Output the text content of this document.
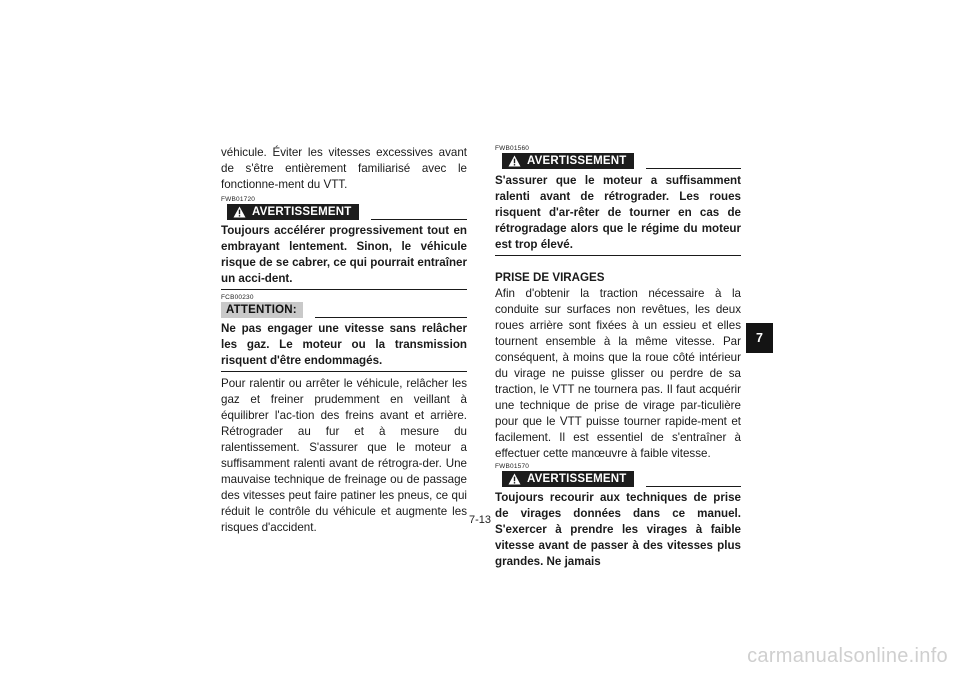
véhicule. Éviter les vitesses excessives avant de s'être entièrement familiarisé avec le fonctionne-ment du VTT.

FWB01720
AVERTISSEMENT

Toujours accélérer progressivement tout en embrayant lentement. Sinon, le véhicule risque de se cabrer, ce qui pourrait entraîner un acci-dent.

FCB00230
ATTENTION:

Ne pas engager une vitesse sans relâcher les gaz. Le moteur ou la transmission risquent d'être endommagés.

Pour ralentir ou arrêter le véhicule, relâcher les gaz et freiner prudemment en veillant à équilibrer l'ac-tion des freins avant et arrière. Rétrograder au fur et à mesure du ralentissement. S'assurer que le moteur a suffisamment ralenti avant de rétrogra-der. Une mauvaise technique de freinage ou de passage des vitesses peut faire patiner les pneus, ce qui réduit le contrôle du véhicule et augmente les risques d'accident.

FWB01560
AVERTISSEMENT

S'assurer que le moteur a suffisamment ralenti avant de rétrograder. Les roues risquent d'ar-rêter de tourner en cas de rétrogradage alors que le régime du moteur est trop élevé.

PRISE DE VIRAGES

Afin d'obtenir la traction nécessaire à la conduite sur surfaces non revêtues, les deux roues arrière sont fixées à un essieu et elles tournent ensemble à la même vitesse. Par conséquent, à moins que la roue côté intérieur du virage ne puisse glisser ou perdre de sa traction, le VTT ne tournera pas. Il faut acquérir une technique de prise de virage par-ticulière pour que le VTT puisse tourner rapide-ment et facilement. Il est essentiel de s'entraîner à effectuer cette manœuvre à faible vitesse.

FWB01570
AVERTISSEMENT

Toujours recourir aux techniques de prise de virages données dans ce manuel. S'exercer à prendre les virages à faible vitesse avant de passer à des vitesses plus grandes. Ne jamais

7
7-13
carmanualsonline.info
